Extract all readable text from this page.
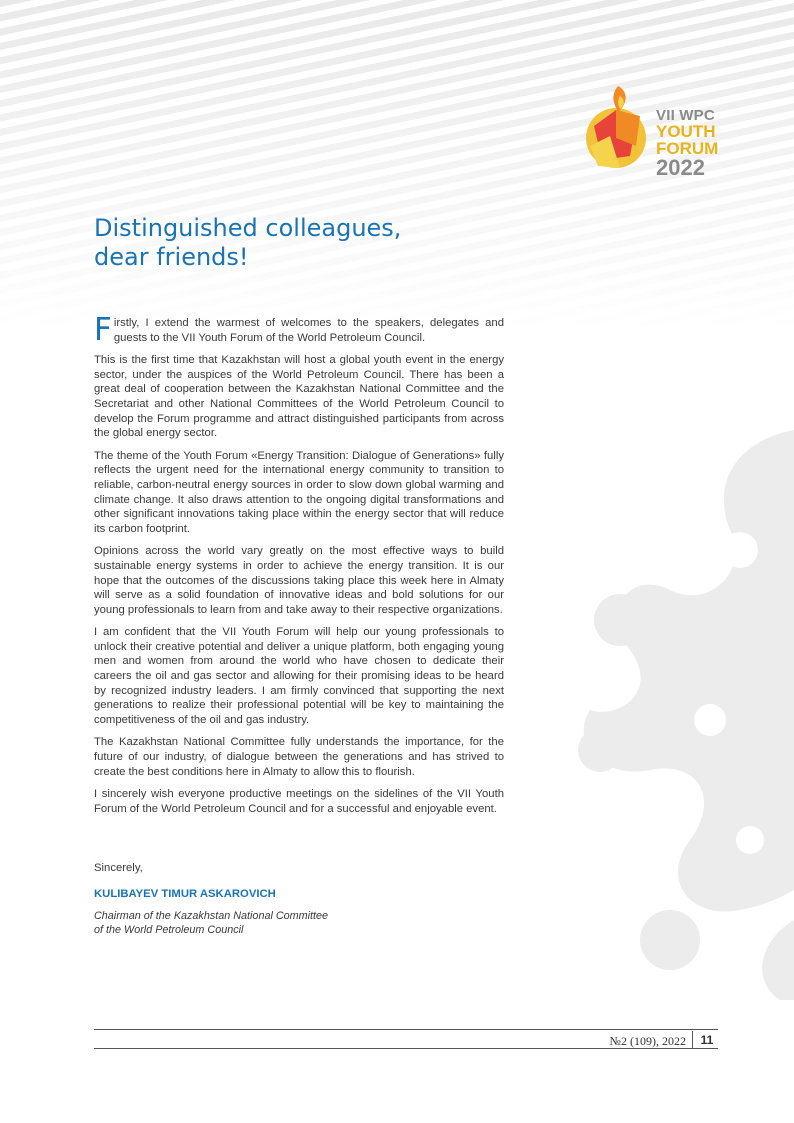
VII WPC
YOUTH
FORUM
2022
Distinguished colleagues,
dear friends!

Firstly, I extend the warmest of welcomes to the speakers, delegates and guests to the VII Youth Forum of the World Petroleum Council.

This is the first time that Kazakhstan will host a global youth event in the energy sector, under the auspices of the World Petroleum Council. There has been a great deal of cooperation between the Kazakhstan National Committee and the Secretariat and other National Committees of the World Petroleum Council to develop the Forum programme and attract distinguished participants from across the global energy sector.

The theme of the Youth Forum «Energy Transition: Dialogue of Generations» fully reflects the urgent need for the international energy community to transition to reliable, carbon-neutral energy sources in order to slow down global warming and climate change. It also draws attention to the ongoing digital transformations and other significant innovations taking place within the energy sector that will reduce its carbon footprint.

Opinions across the world vary greatly on the most effective ways to build sustainable energy systems in order to achieve the energy transition. It is our hope that the outcomes of the discussions taking place this week here in Almaty will serve as a solid foundation of innovative ideas and bold solutions for our young professionals to learn from and take away to their respective organizations.

I am confident that the VII Youth Forum will help our young professionals to unlock their creative potential and deliver a unique platform, both engaging young men and women from around the world who have chosen to dedicate their careers the oil and gas sector and allowing for their promising ideas to be heard by recognized industry leaders. I am firmly convinced that supporting the next generations to realize their professional potential will be key to maintaining the competitiveness of the oil and gas industry.

The Kazakhstan National Committee fully understands the importance, for the future of our industry, of dialogue between the generations and has strived to create the best conditions here in Almaty to allow this to flourish.

I sincerely wish everyone productive meetings on the sidelines of the VII Youth Forum of the World Petroleum Council and for a successful and enjoyable event.

Sincerely,
KULIBAYEV TIMUR ASKAROVICH
Chairman of the Kazakhstan National Committee
of the World Petroleum Council
№2 (109), 2022	11
